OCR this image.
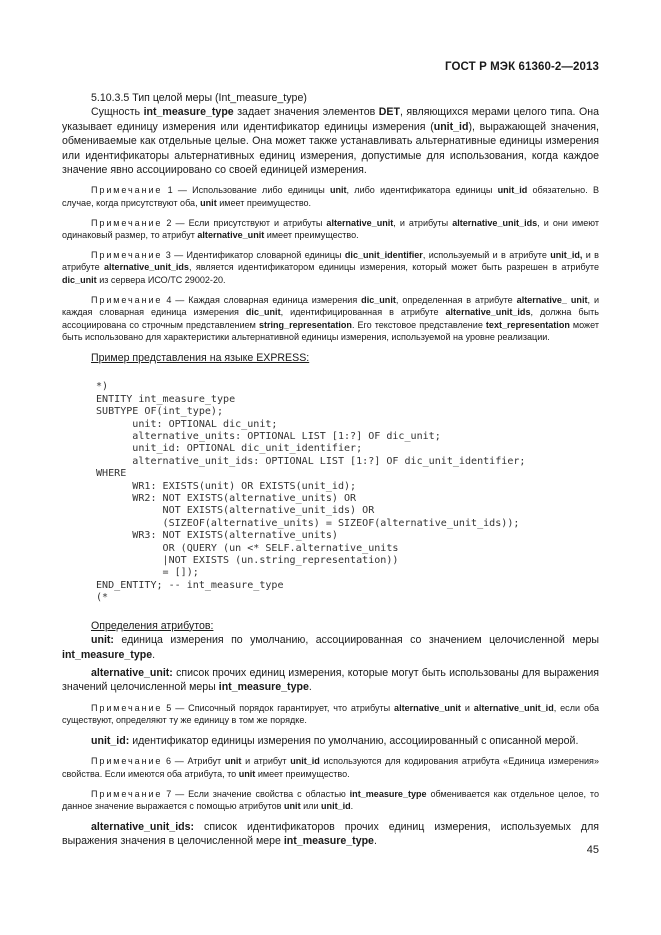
ГОСТ Р МЭК 61360-2—2013

5.10.3.5 Тип целой меры (Int_measure_type)

Сущность int_measure_type задает значения элементов DET, являющихся мерами целого типа. Она указывает единицу измерения или идентификатор единицы измерения (unit_id), выражающей значения, обмениваемые как отдельные целые. Она может также устанавливать альтернативные единицы измерения или идентификаторы альтернативных единиц измерения, допустимые для использования, когда каждое значение явно ассоциировано со своей единицей измерения.

Примечание 1 — Использование либо единицы unit, либо идентификатора единицы unit_id обязательно. В случае, когда присутствуют оба, unit имеет преимущество.

Примечание 2 — Если присутствуют и атрибуты alternative_unit, и атрибуты alternative_unit_ids, и они имеют одинаковый размер, то атрибут alternative_unit имеет преимущество.

Примечание 3 — Идентификатор словарной единицы dic_unit_identifier, используемый и в атрибуте unit_id, и в атрибуте alternative_unit_ids, является идентификатором единицы измерения, который может быть разрешен в атрибуте dic_unit из сервера ИСО/ТС 29002-20.

Примечание 4 — Каждая словарная единица измерения dic_unit, определенная в атрибуте alternative_ unit, и каждая словарная единица измерения dic_unit, идентифицированная в атрибуте alternative_unit_ids, должна быть ассоциирована со строчным представлением string_representation. Его текстовое представление text_representation может быть использовано для характеристики альтернативной единицы измерения, используемой на уровне реализации.

Пример представления на языке EXPRESS:

*)
ENTITY int_measure_type
SUBTYPE OF(int_type);
unit: OPTIONAL dic_unit;
alternative_units: OPTIONAL LIST [1:?] OF dic_unit;
unit_id: OPTIONAL dic_unit_identifier;
alternative_unit_ids: OPTIONAL LIST [1:?] OF dic_unit_identifier;
WHERE
WR1: EXISTS(unit) OR EXISTS(unit_id);
WR2: NOT EXISTS(alternative_units) OR
NOT EXISTS(alternative_unit_ids) OR
(SIZEOF(alternative_units) = SIZEOF(alternative_unit_ids));
WR3: NOT EXISTS(alternative_units)
OR (QUERY (un <* SELF.alternative_units
|NOT EXISTS (un.string_representation))
= []);
END_ENTITY; -- int_measure_type
(*

Определения атрибутов:

unit: единица измерения по умолчанию, ассоциированная со значением целочисленной меры int_measure_type.

alternative_unit: список прочих единиц измерения, которые могут быть использованы для выражения значений целочисленной меры int_measure_type.

Примечание 5 — Списочный порядок гарантирует, что атрибуты alternative_unit и alternative_unit_id, если оба существуют, определяют ту же единицу в том же порядке.

unit_id: идентификатор единицы измерения по умолчанию, ассоциированный с описанной мерой.

Примечание 6 — Атрибут unit и атрибут unit_id используются для кодирования атрибута «Единица измерения» свойства. Если имеются оба атрибута, то unit имеет преимущество.

Примечание 7 — Если значение свойства с областью int_measure_type обменивается как отдельное целое, то данное значение выражается с помощью атрибутов unit или unit_id.

alternative_unit_ids: список идентификаторов прочих единиц измерения, используемых для выражения значения в целочисленной мере int_measure_type.

45
